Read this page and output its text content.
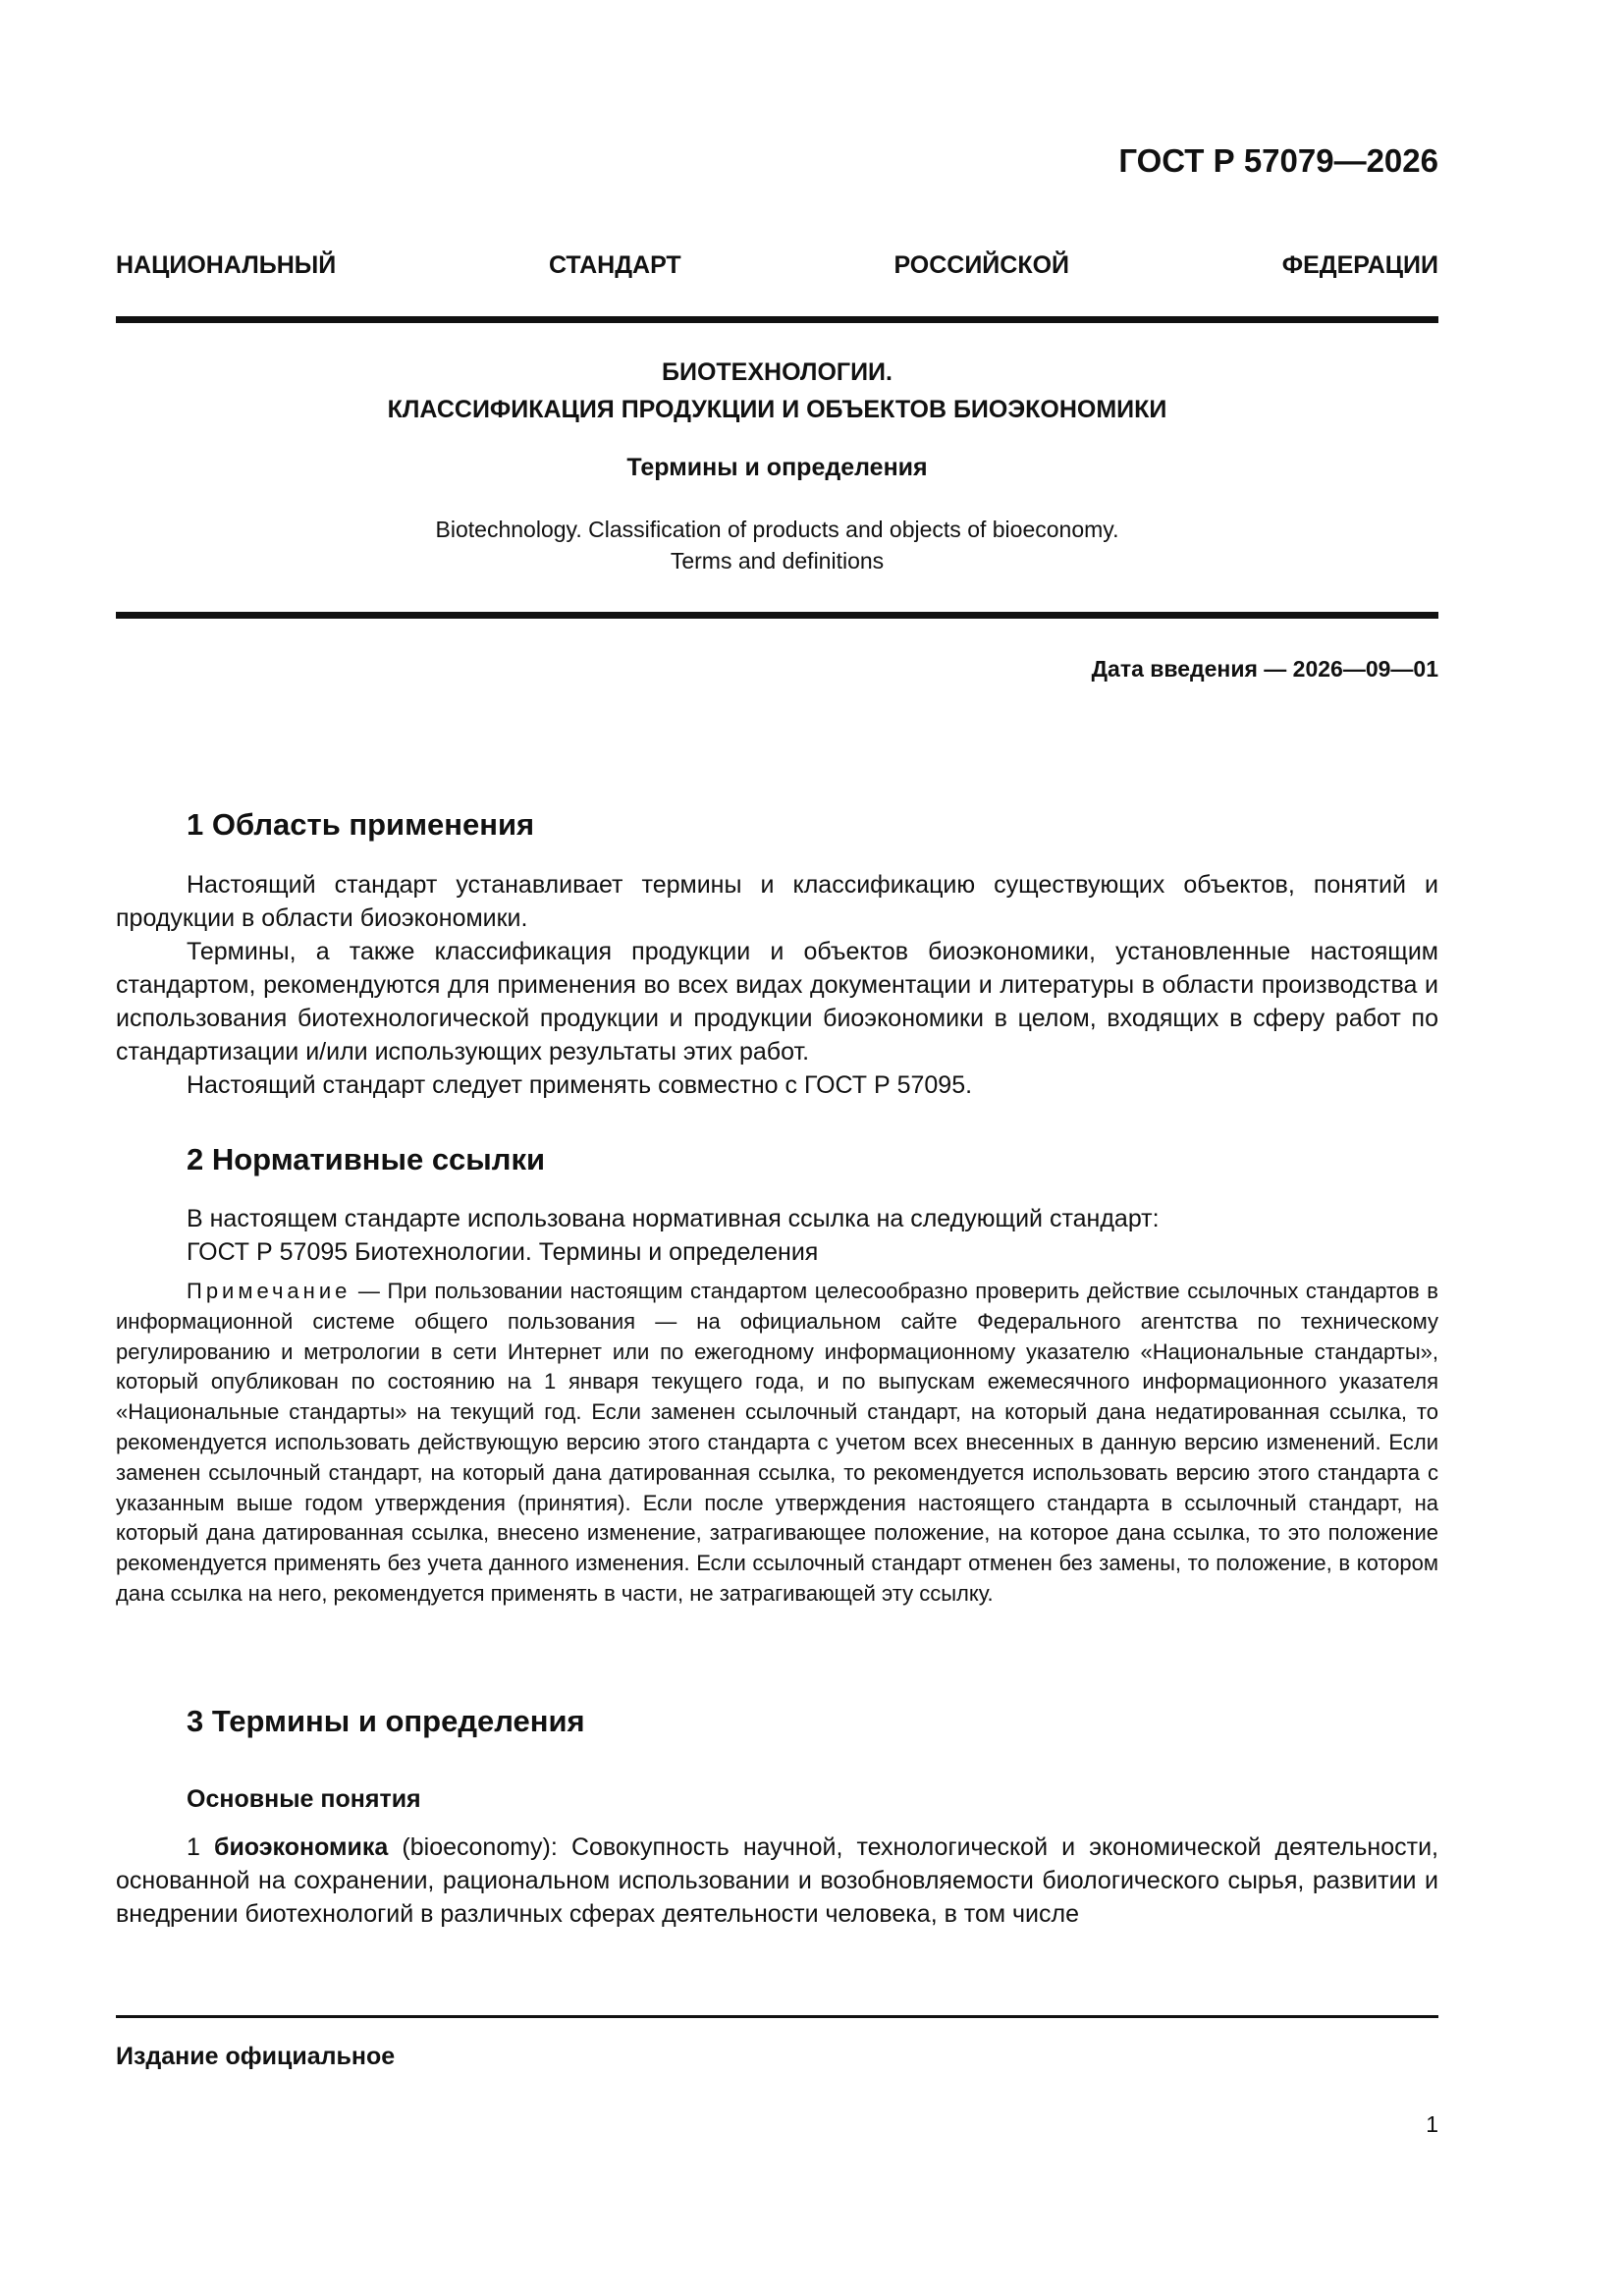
ГОСТ Р 57079—2026
НАЦИОНАЛЬНЫЙ СТАНДАРТ РОССИЙСКОЙ ФЕДЕРАЦИИ
БИОТЕХНОЛОГИИ.
КЛАССИФИКАЦИЯ ПРОДУКЦИИ И ОБЪЕКТОВ БИОЭКОНОМИКИ
Термины и определения
Biotechnology. Classification of products and objects of bioeconomy.
Terms and definitions
Дата введения — 2026—09—01
1 Область применения

Настоящий стандарт устанавливает термины и классификацию существующих объектов, понятий и продукции в области биоэкономики.

Термины, а также классификация продукции и объектов биоэкономики, установленные настоящим стандартом, рекомендуются для применения во всех видах документации и литературы в области производства и использования биотехнологической продукции и продукции биоэкономики в целом, входящих в сферу работ по стандартизации и/или использующих результаты этих работ.

Настоящий стандарт следует применять совместно с ГОСТ Р 57095.

2 Нормативные ссылки
В настоящем стандарте использована нормативная ссылка на следующий стандарт:
ГОСТ Р 57095 Биотехнологии. Термины и определения

Примечание — При пользовании настоящим стандартом целесообразно проверить действие ссылочных стандартов в информационной системе общего пользования — на официальном сайте Федерального агентства по техническому регулированию и метрологии в сети Интернет или по ежегодному информационному указателю «Национальные стандарты», который опубликован по состоянию на 1 января текущего года, и по выпускам ежемесячного информационного указателя «Национальные стандарты» на текущий год. Если заменен ссылочный стандарт, на который дана недатированная ссылка, то рекомендуется использовать действующую версию этого стандарта с учетом всех внесенных в данную версию изменений. Если заменен ссылочный стандарт, на который дана датированная ссылка, то рекомендуется использовать версию этого стандарта с указанным выше годом утверждения (принятия). Если после утверждения настоящего стандарта в ссылочный стандарт, на который дана датированная ссылка, внесено изменение, затрагивающее положение, на которое дана ссылка, то это положение рекомендуется применять без учета данного изменения. Если ссылочный стандарт отменен без замены, то положение, в котором дана ссылка на него, рекомендуется применять в части, не затрагивающей эту ссылку.

3 Термины и определения
Основные понятия

1 биоэкономика (bioeconomy): Совокупность научной, технологической и экономической деятельности, основанной на сохранении, рациональном использовании и возобновляемости биологического сырья, развитии и внедрении биотехнологий в различных сферах деятельности человека, в том числе

Издание официальное
1
